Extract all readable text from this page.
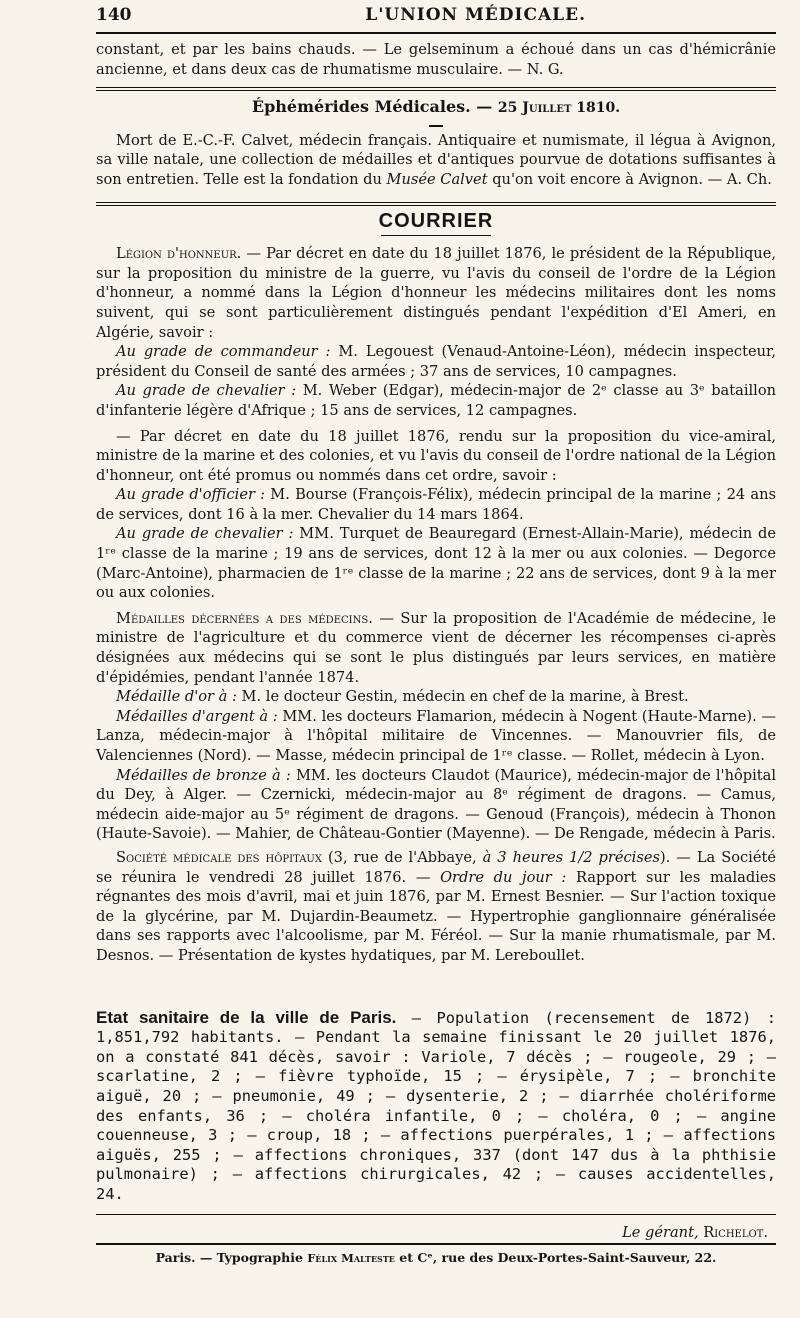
140	L'UNION MÉDICALE.

constant, et par les bains chauds. — Le gelseminum a échoué dans un cas d'hémicrânie ancienne, et dans deux cas de rhumatisme musculaire. — N. G.

Éphémérides Médicales. — 25 Juillet 1810.

Mort de E.-C.-F. Calvet, médecin français. Antiquaire et numismate, il légua à Avignon, sa ville natale, une collection de médailles et d'antiques pourvue de dotations suffisantes à son entretien. Telle est la fondation du Musée Calvet qu'on voit encore à Avignon. — A. Ch.

COURRIER

Légion d'honneur. — Par décret en date du 18 juillet 1876, le président de la République, sur la proposition du ministre de la guerre, vu l'avis du conseil de l'ordre de la Légion d'honneur, a nommé dans la Légion d'honneur les médecins militaires dont les noms suivent, qui se sont particulièrement distingués pendant l'expédition d'El Ameri, en Algérie, savoir :

Au grade de commandeur : M. Legouest (Venaud-Antoine-Léon), médecin inspecteur, président du Conseil de santé des armées ; 37 ans de services, 10 campagnes.

Au grade de chevalier : M. Weber (Edgar), médecin-major de 2ᵉ classe au 3ᵉ bataillon d'infanterie légère d'Afrique ; 15 ans de services, 12 campagnes.

— Par décret en date du 18 juillet 1876, rendu sur la proposition du vice-amiral, ministre de la marine et des colonies, et vu l'avis du conseil de l'ordre national de la Légion d'honneur, ont été promus ou nommés dans cet ordre, savoir :

Au grade d'officier : M. Bourse (François-Félix), médecin principal de la marine ; 24 ans de services, dont 16 à la mer. Chevalier du 14 mars 1864.

Au grade de chevalier : MM. Turquet de Beauregard (Ernest-Allain-Marie), médecin de 1ʳᵉ classe de la marine ; 19 ans de services, dont 12 à la mer ou aux colonies. — Degorce (Marc-Antoine), pharmacien de 1ʳᵉ classe de la marine ; 22 ans de services, dont 9 à la mer ou aux colonies.

Médailles décernées a des médecins. — Sur la proposition de l'Académie de médecine, le ministre de l'agriculture et du commerce vient de décerner les récompenses ci-après désignées aux médecins qui se sont le plus distingués par leurs services, en matière d'épidémies, pendant l'année 1874.

Médaille d'or à : M. le docteur Gestin, médecin en chef de la marine, à Brest.

Médailles d'argent à : MM. les docteurs Flamarion, médecin à Nogent (Haute-Marne). — Lanza, médecin-major à l'hôpital militaire de Vincennes. — Manouvrier fils, de Valenciennes (Nord). — Masse, médecin principal de 1ʳᵉ classe. — Rollet, médecin à Lyon.

Médailles de bronze à : MM. les docteurs Claudot (Maurice), médecin-major de l'hôpital du Dey, à Alger. — Czernicki, médecin-major au 8ᵉ régiment de dragons. — Camus, médecin aide-major au 5ᵉ régiment de dragons. — Genoud (François), médecin à Thonon (Haute-Savoie). — Mahier, de Château-Gontier (Mayenne). — De Rengade, médecin à Paris.

Société médicale des hôpitaux (3, rue de l'Abbaye, à 3 heures 1/2 précises). — La Société se réunira le vendredi 28 juillet 1876. — Ordre du jour : Rapport sur les maladies régnantes des mois d'avril, mai et juin 1876, par M. Ernest Besnier. — Sur l'action toxique de la glycérine, par M. Dujardin-Beaumetz. — Hypertrophie ganglionnaire généralisée dans ses rapports avec l'alcoolisme, par M. Féréol. — Sur la manie rhumatismale, par M. Desnos. — Présentation de kystes hydatiques, par M. Lereboullet.

Etat sanitaire de la ville de Paris. — Population (recensement de 1872) : 1,851,792 habitants. — Pendant la semaine finissant le 20 juillet 1876, on a constaté 841 décès, savoir : Variole, 7 décès ; — rougeole, 29 ; — scarlatine, 2 ; — fièvre typhoïde, 15 ; — érysipèle, 7 ; — bronchite aiguë, 20 ; — pneumonie, 49 ; — dysenterie, 2 ; — diarrhée cholériforme des enfants, 36 ; — choléra infantile, 0 ; — choléra, 0 ; — angine couenneuse, 3 ; — croup, 18 ; — affections puerpérales, 1 ; — affections aiguës, 255 ; — affections chroniques, 337 (dont 147 dus à la phthisie pulmonaire) ; — affections chirurgicales, 42 ; — causes accidentelles, 24.

Le gérant, Richelot.
Paris. — Typographie Félix Malteste et Cᵉ, rue des Deux-Portes-Saint-Sauveur, 22.
